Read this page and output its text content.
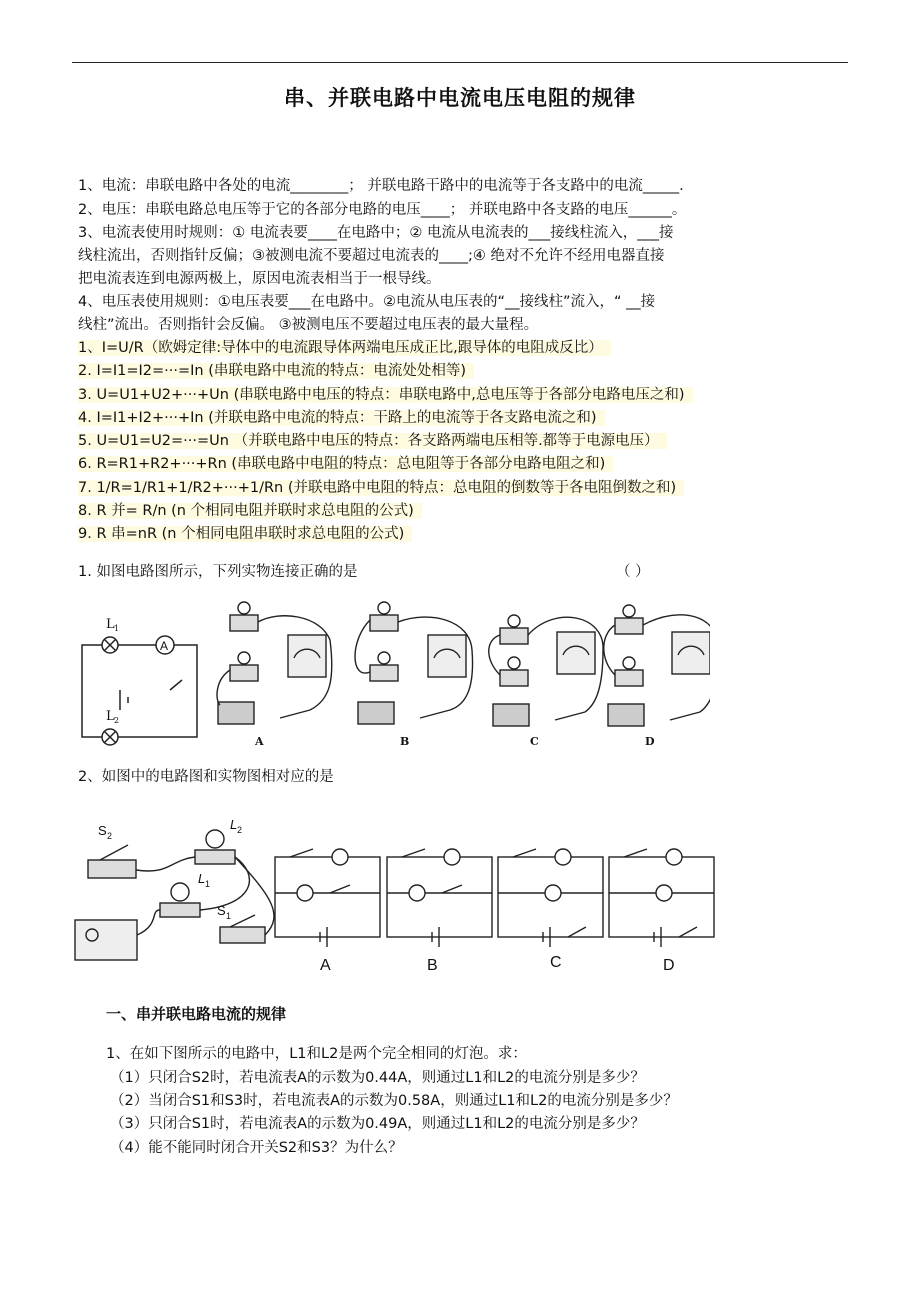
串、并联电路中电流电压电阻的规律
1、电流：串联电路中各处的电流________； 并联电路干路中的电流等于各支路中的电流_____.
2、电压：串联电路总电压等于它的各部分电路的电压____； 并联电路中各支路的电压______。
3、电流表使用时规则：① 电流表要____在电路中；② 电流从电流表的___接线柱流入，___接
线柱流出，否则指针反偏；③被测电流不要超过电流表的____;④ 绝对不允许不经用电器直接
把电流表连到电源两极上，原因电流表相当于一根导线。
4、电压表使用规则：①电压表要___在电路中。②电流从电压表的“__接线柱”流入，“ __接
线柱”流出。否则指针会反偏。 ③被测电压不要超过电压表的最大量程。
1、I=U/R（欧姆定律:导体中的电流跟导体两端电压成正比,跟导体的电阻成反比）
2. I=I1=I2=···=In (串联电路中电流的特点：电流处处相等)
3. U=U1+U2+···+Un (串联电路中电压的特点：串联电路中,总电压等于各部分电路电压之和)
4. I=I1+I2+···+In (并联电路中电流的特点：干路上的电流等于各支路电流之和)
5. U=U1=U2=···=Un （并联电路中电压的特点：各支路两端电压相等.都等于电源电压）
6. R=R1+R2+···+Rn (串联电路中电阻的特点：总电阻等于各部分电路电阻之和)
7. 1/R=1/R1+1/R2+···+1/Rn (并联电路中电阻的特点：总电阻的倒数等于各电阻倒数之和)
8. R 并= R/n (n 个相同电阻并联时求总电阻的公式)
9. R 串=nR (n 个相同电阻串联时求总电阻的公式)
1. 如图电路图所示，下列实物连接正确的是	（ ）
L 1
A
L 2
A	B	C	D
2、如图中的电路图和实物图相对应的是
S 2
L 2
L 1
S 1
A	B	C	D
一、串并联电路电流的规律
1、在如下图所示的电路中，L1和L2是两个完全相同的灯泡。求：
（1）只闭合S2时，若电流表A的示数为0.44A，则通过L1和L2的电流分别是多少？
（2）当闭合S1和S3时，若电流表A的示数为0.58A，则通过L1和L2的电流分别是多少？
（3）只闭合S1时，若电流表A的示数为0.49A，则通过L1和L2的电流分别是多少？
（4）能不能同时闭合开关S2和S3？为什么？
